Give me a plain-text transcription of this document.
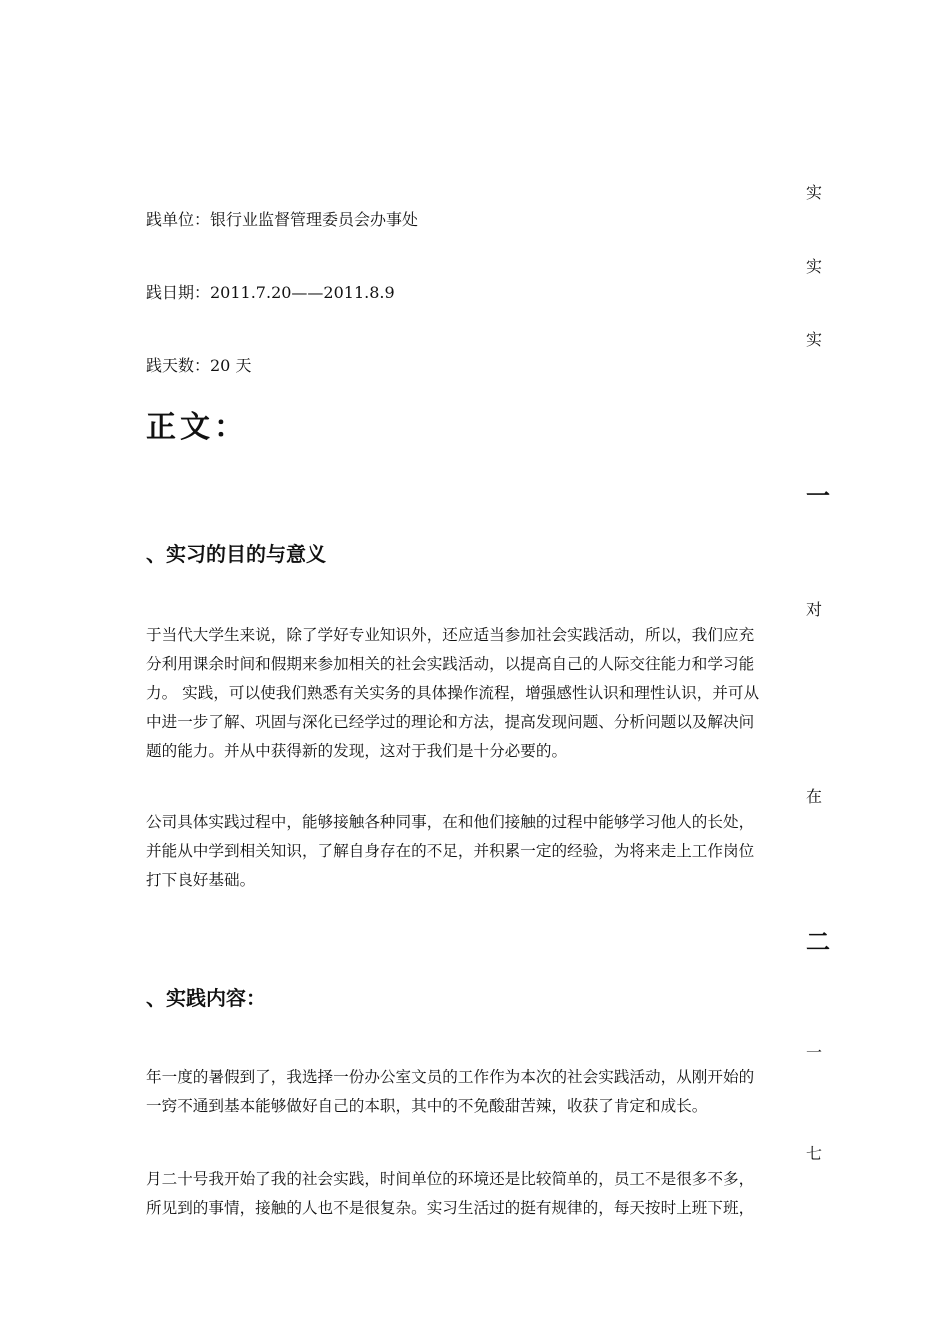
实
践单位：银行业监督管理委员会办事处
实
践日期：2011.7.20——2011.8.9
实
践天数：20 天
正文：
一
、实习的目的与意义
对
于当代大学生来说，除了学好专业知识外，还应适当参加社会实践活动，所以，我们应充
分利用课余时间和假期来参加相关的社会实践活动，以提高自己的人际交往能力和学习能
力。 实践，可以使我们熟悉有关实务的具体操作流程，增强感性认识和理性认识，并可从
中进一步了解、巩固与深化已经学过的理论和方法，提高发现问题、分析问题以及解决问
题的能力。并从中获得新的发现，这对于我们是十分必要的。
在
公司具体实践过程中，能够接触各种同事，在和他们接触的过程中能够学习他人的长处，
并能从中学到相关知识，了解自身存在的不足，并积累一定的经验，为将来走上工作岗位
打下良好基础。
二
、实践内容：
一
年一度的暑假到了，我选择一份办公室文员的工作作为本次的社会实践活动，从刚开始的
一窍不通到基本能够做好自己的本职，其中的不免酸甜苦辣，收获了肯定和成长。
七
月二十号我开始了我的社会实践，时间单位的环境还是比较简单的，员工不是很多不多，
所见到的事情，接触的人也不是很复杂。实习生活过的挺有规律的，每天按时上班下班，
